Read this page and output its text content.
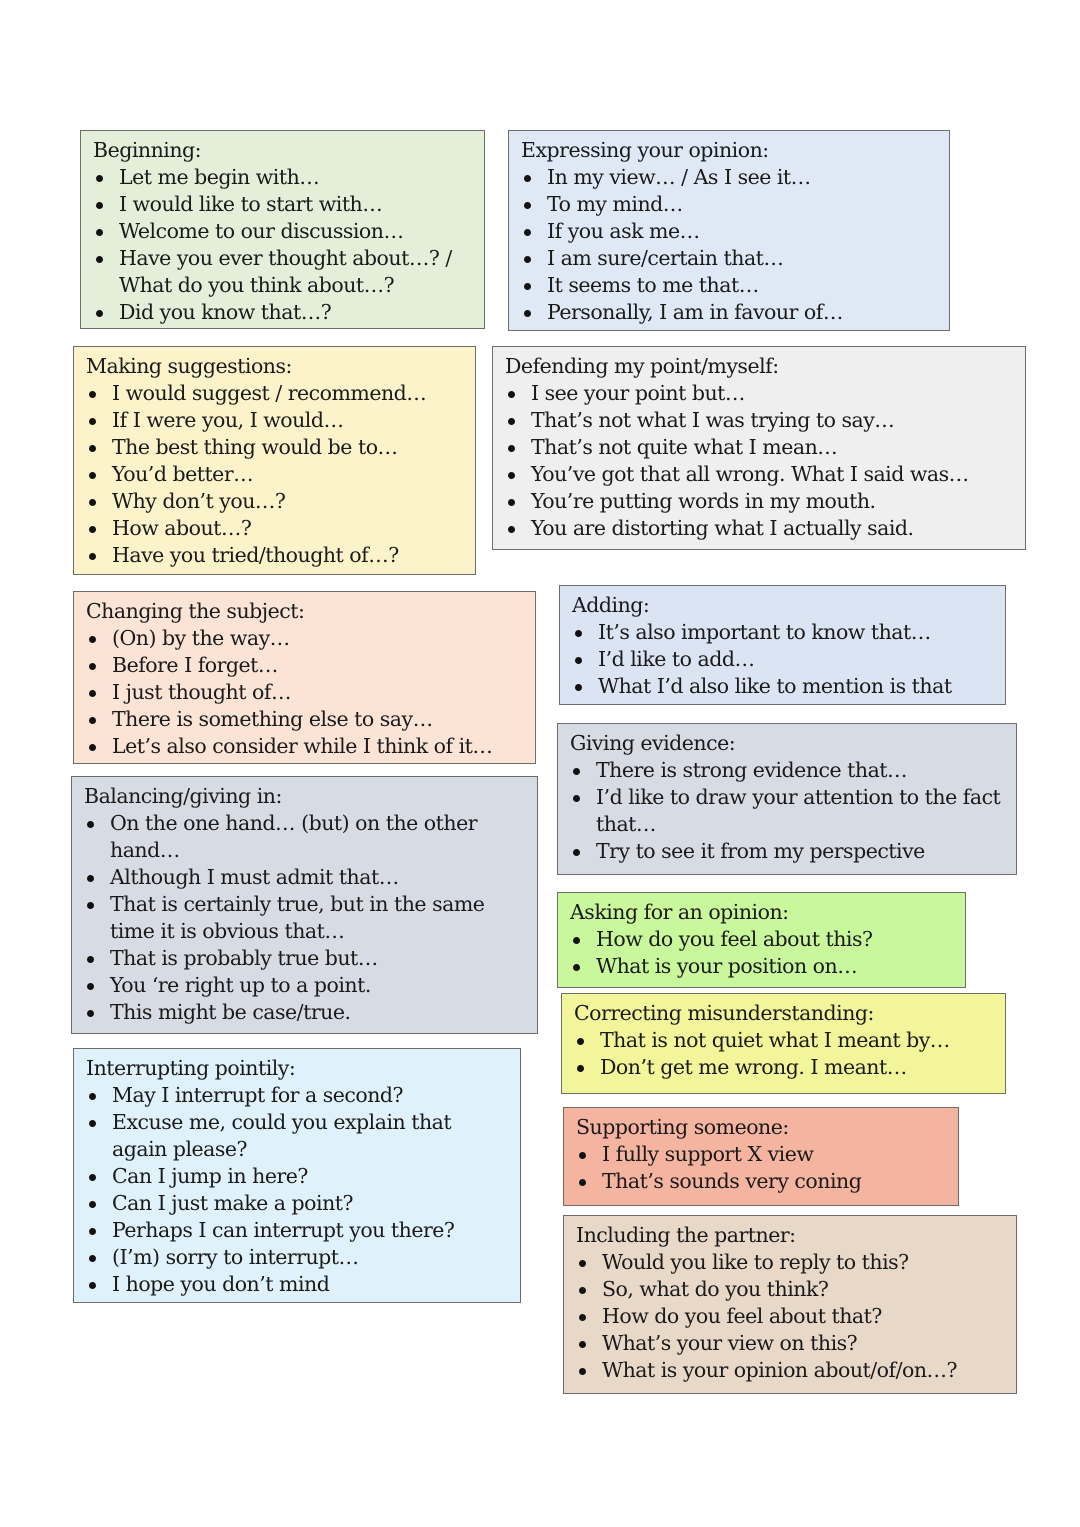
Beginning:
Let me begin with…
I would like to start with…
Welcome to our discussion…
Have you ever thought about…? / What do you think about…?
Did you know that…?
Expressing your opinion:
In my view… / As I see it…
To my mind…
If you ask me…
I am sure/certain that…
It seems to me that…
Personally, I am in favour of…
Making suggestions:
I would suggest / recommend…
If I were you, I would…
The best thing would be to…
You’d better…
Why don’t you…?
How about…?
Have you tried/thought of…?
Defending my point/myself:
I see your point but…
That’s not what I was trying to say…
That’s not quite what I mean…
You’ve got that all wrong. What I said was…
You’re putting words in my mouth.
You are distorting what I actually said.
Changing the subject:
(On) by the way…
Before I forget…
I just thought of…
There is something else to say…
Let’s also consider while I think of it…
Adding:
It’s also important to know that…
I’d like to add…
What I’d also like to mention is that
Giving evidence:
There is strong evidence that…
I’d like to draw your attention to the fact that…
Try to see it from my perspective
Balancing/giving in:
On the one hand… (but) on the other hand…
Although I must admit that…
That is certainly true, but in the same time it is obvious that…
That is probably true but…
You ‘re right up to a point.
This might be case/true.
Asking for an opinion:
How do you feel about this?
What is your position on…
Correcting misunderstanding:
That is not quiet what I meant by…
Don’t get me wrong. I meant…
Interrupting pointily:
May I interrupt for a second?
Excuse me, could you explain that again please?
Can I jump in here?
Can I just make a point?
Perhaps I can interrupt you there?
(I’m) sorry to interrupt…
I hope you don’t mind
Supporting someone:
I fully support X view
That’s sounds very coning
Including the partner:
Would you like to reply to this?
So, what do you think?
How do you feel about that?
What’s your view on this?
What is your opinion about/of/on…?
